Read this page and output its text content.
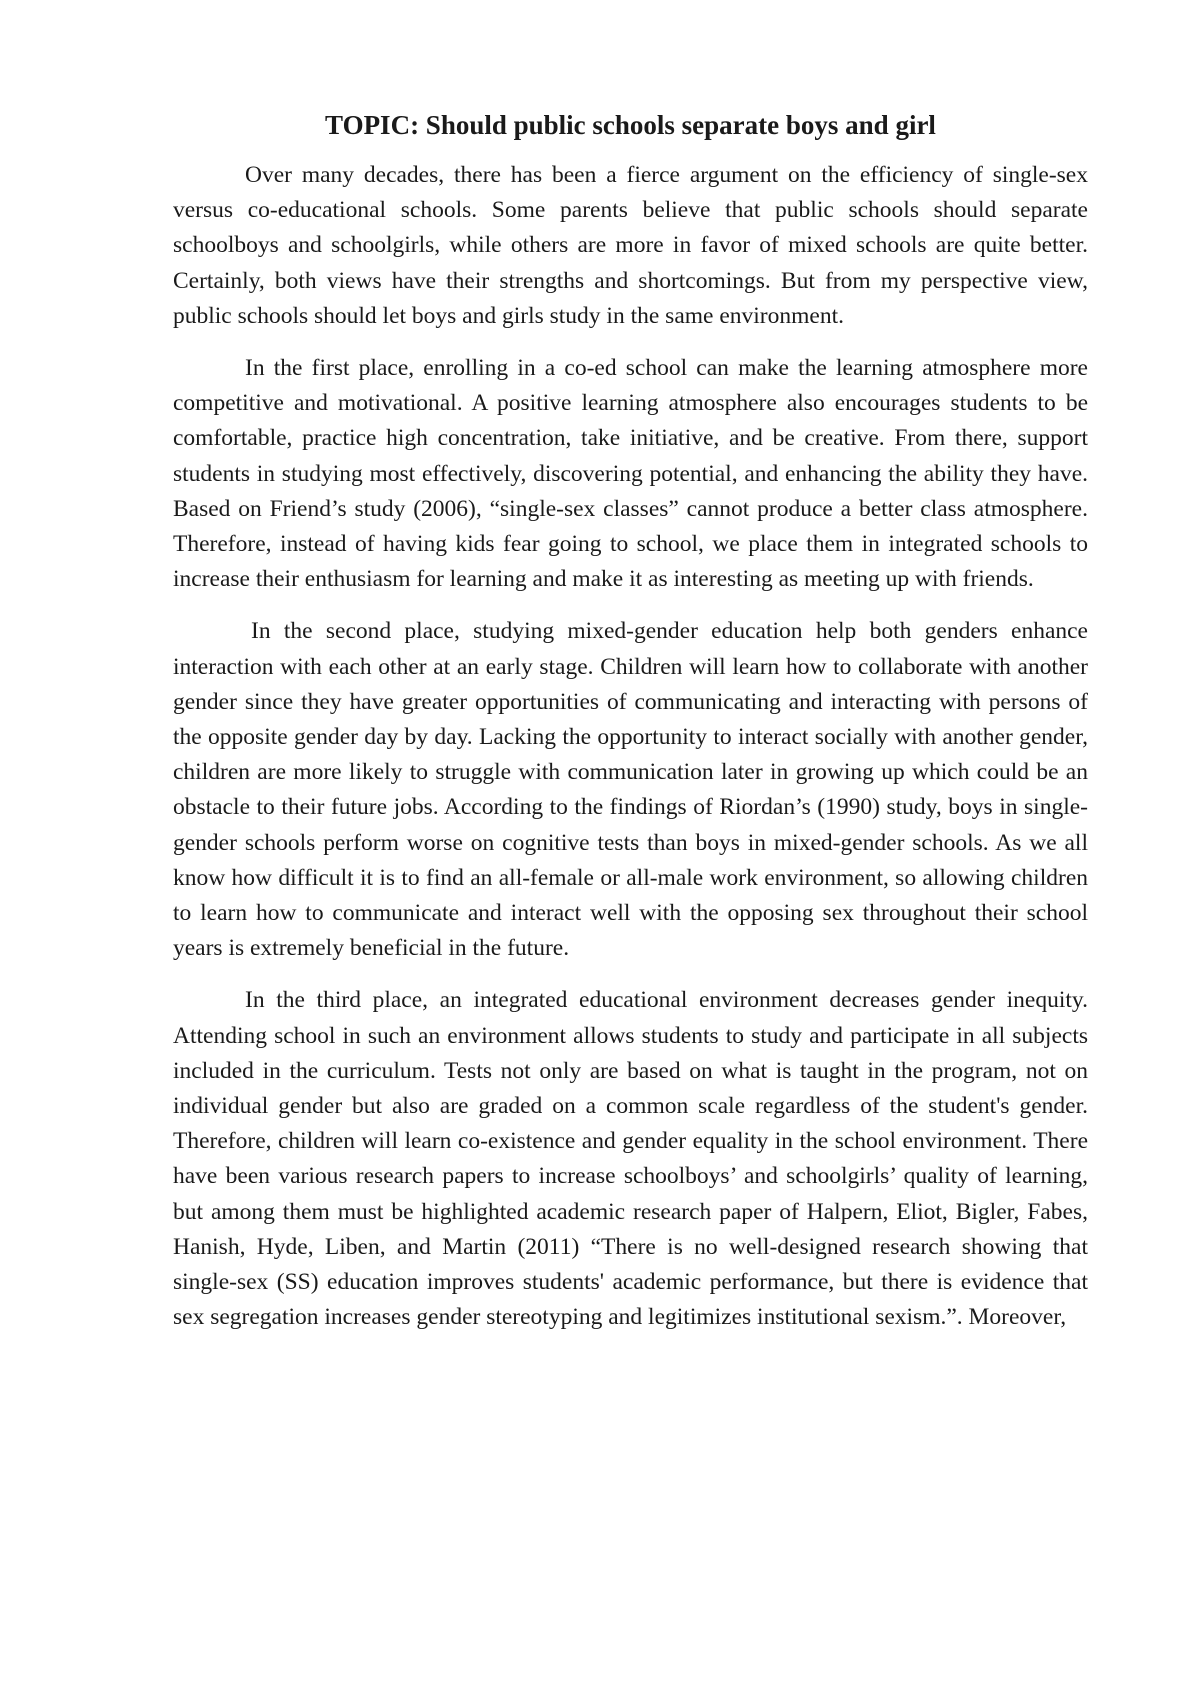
TOPIC: Should public schools separate boys and girl

Over many decades, there has been a fierce argument on the efficiency of single-sex versus co-educational schools. Some parents believe that public schools should separate schoolboys and schoolgirls, while others are more in favor of mixed schools are quite better. Certainly, both views have their strengths and shortcomings. But from my perspective view, public schools should let boys and girls study in the same environment.

In the first place, enrolling in a co-ed school can make the learning atmosphere more competitive and motivational. A positive learning atmosphere also encourages students to be comfortable, practice high concentration, take initiative, and be creative. From there, support students in studying most effectively, discovering potential, and enhancing the ability they have. Based on Friend’s study (2006), “single-sex classes” cannot produce a better class atmosphere. Therefore, instead of having kids fear going to school, we place them in integrated schools to increase their enthusiasm for learning and make it as interesting as meeting up with friends.

In the second place, studying mixed-gender education help both genders enhance interaction with each other at an early stage. Children will learn how to collaborate with another gender since they have greater opportunities of communicating and interacting with persons of the opposite gender day by day. Lacking the opportunity to interact socially with another gender, children are more likely to struggle with communication later in growing up which could be an obstacle to their future jobs. According to the findings of Riordan’s (1990) study, boys in single-gender schools perform worse on cognitive tests than boys in mixed-gender schools. As we all know how difficult it is to find an all-female or all-male work environment, so allowing children to learn how to communicate and interact well with the opposing sex throughout their school years is extremely beneficial in the future.

In the third place, an integrated educational environment decreases gender inequity. Attending school in such an environment allows students to study and participate in all subjects included in the curriculum. Tests not only are based on what is taught in the program, not on individual gender but also are graded on a common scale regardless of the student's gender. Therefore, children will learn co-existence and gender equality in the school environment. There have been various research papers to increase schoolboys’ and schoolgirls’ quality of learning, but among them must be highlighted academic research paper of Halpern, Eliot, Bigler, Fabes, Hanish, Hyde, Liben, and Martin (2011) “There is no well-designed research showing that single-sex (SS) education improves students' academic performance, but there is evidence that sex segregation increases gender stereotyping and legitimizes institutional sexism.”. Moreover,
